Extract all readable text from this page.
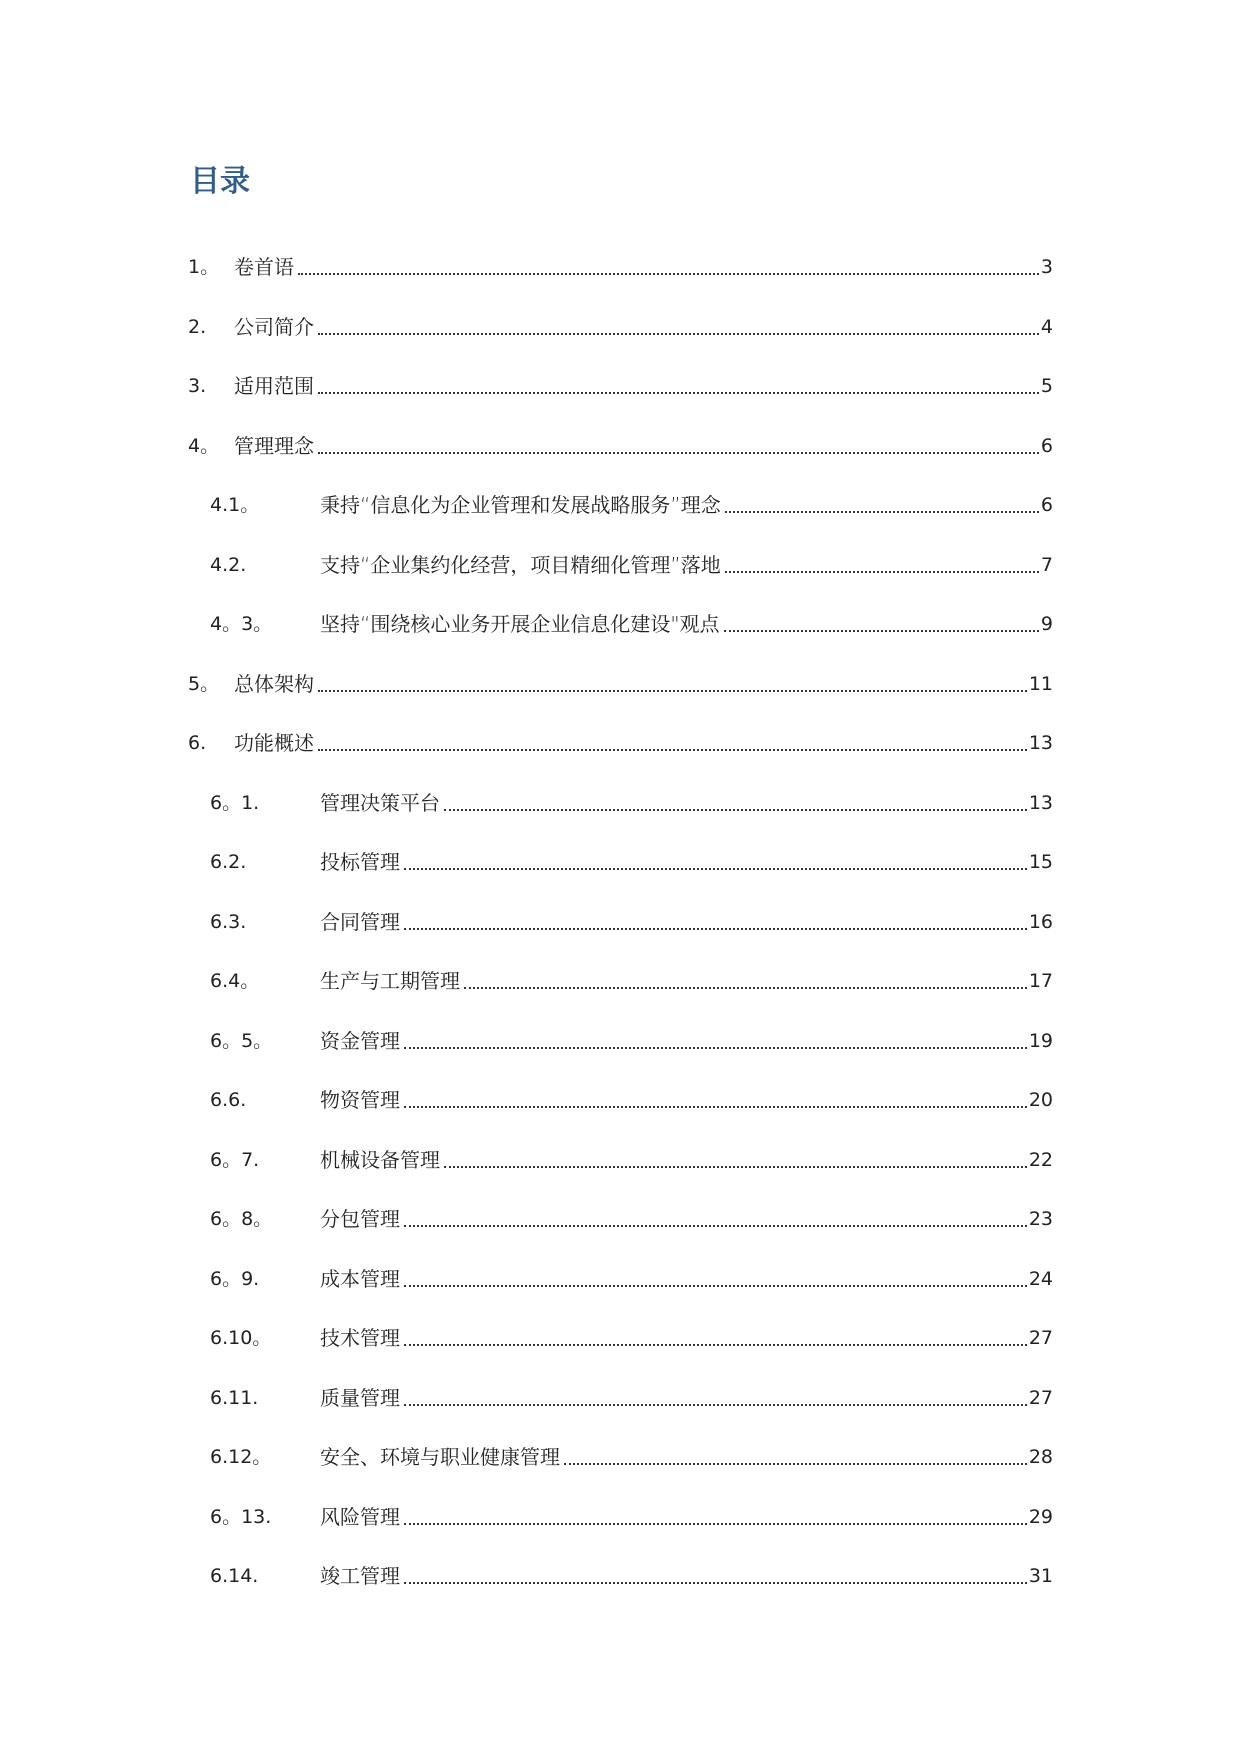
目录
1。 卷首语	3
2.	公司简介	4
3.	适用范围	5
4。 管理理念	6
4.1。	秉持“信息化为企业管理和发展战略服务”理念	6
4.2.	支持“企业集约化经营，项目精细化管理”落地	7
4。3。	坚持“围绕核心业务开展企业信息化建设"观点	9
5。 总体架构	11
6.	功能概述	13
6。1.	管理决策平台	13
6.2.	投标管理	15
6.3.	合同管理	16
6.4。	生产与工期管理	17
6。5。	资金管理	19
6.6.	物资管理	20
6。7.	机械设备管理	22
6。8。	分包管理	23
6。9.	成本管理	24
6.10。	技术管理	27
6.11.	质量管理	27
6.12。	安全、环境与职业健康管理	28
6。13.	风险管理	29
6.14.	竣工管理	31
